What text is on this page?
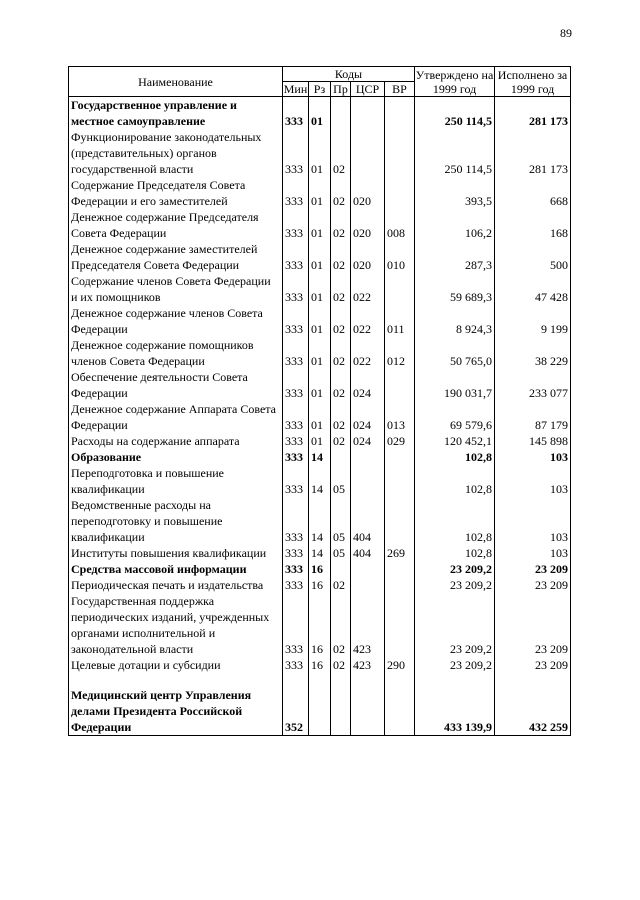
89
Наименование	Коды					Утверждено на 1999 год	Исполнено за 1999 год
	Мин	Рз	Пр	ЦСР	ВР		
Государственное управление и местное самоуправление	333	01				250 114,5	281 173
Функционирование законодательных (представительных) органов государственной власти	333	01	02			250 114,5	281 173
Содержание Председателя Совета Федерации и его заместителей	333	01	02	020		393,5	668
Денежное содержание Председателя Совета Федерации	333	01	02	020	008	106,2	168
Денежное содержание заместителей Председателя Совета Федерации	333	01	02	020	010	287,3	500
Содержание членов Совета Федерации и их помощников	333	01	02	022		59 689,3	47 428
Денежное содержание членов Совета Федерации	333	01	02	022	011	8 924,3	9 199
Денежное содержание помощников членов Совета Федерации	333	01	02	022	012	50 765,0	38 229
Обеспечение деятельности Совета Федерации	333	01	02	024		190 031,7	233 077
Денежное содержание Аппарата Совета Федерации	333	01	02	024	013	69 579,6	87 179
Расходы на содержание аппарата	333	01	02	024	029	120 452,1	145 898
Образование	333	14				102,8	103
Переподготовка и повышение квалификации	333	14	05			102,8	103
Ведомственные расходы на переподготовку и повышение квалификации	333	14	05	404		102,8	103
Институты повышения квалификации	333	14	05	404	269	102,8	103
Средства массовой информации	333	16				23 209,2	23 209
Периодическая печать и издательства	333	16	02			23 209,2	23 209
Государственная поддержка периодических изданий, учрежденных органами исполнительной и законодательной власти	333	16	02	423		23 209,2	23 209
Целевые дотации и субсидии	333	16	02	423	290	23 209,2	23 209

Медицинский центр Управления делами Президента Российской Федерации	352					433 139,9	432 259
